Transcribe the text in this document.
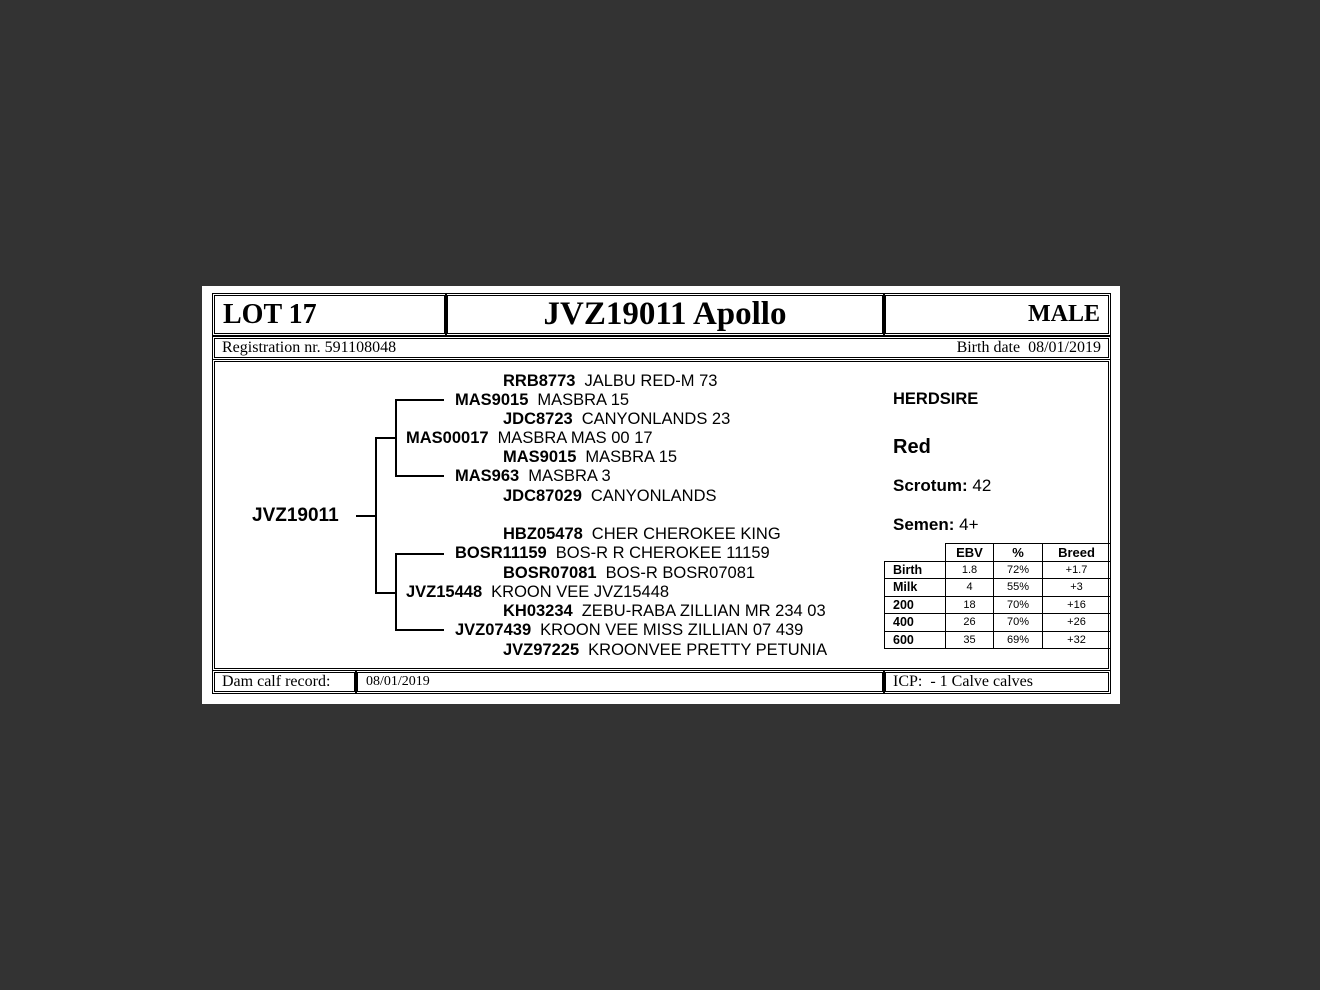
LOT 17	JVZ19011 Apollo	MALE
Registration nr. 591108048	Birth date 08/01/2019
JVZ19011
RRB8773 JALBU RED-M 73
MAS9015 MASBRA 15
JDC8723 CANYONLANDS 23
MAS00017 MASBRA MAS 00 17
MAS9015 MASBRA 15
MAS963 MASBRA 3
JDC87029 CANYONLANDS
HBZ05478 CHER CHEROKEE KING
BOSR11159 BOS-R R CHEROKEE 11159
BOSR07081 BOS-R BOSR07081
JVZ15448 KROON VEE JVZ15448
KH03234 ZEBU-RABA ZILLIAN MR 234 03
JVZ07439 KROON VEE MISS ZILLIAN 07 439
JVZ97225 KROONVEE PRETTY PETUNIA
HERDSIRE
Red
Scrotum: 42
Semen: 4+
	EBV	%	Breed
Birth	1.8	72%	+1.7
Milk	4	55%	+3
200	18	70%	+16
400	26	70%	+26
600	35	69%	+32
Dam calf record:	08/01/2019	ICP:  - 1 Calve calves
